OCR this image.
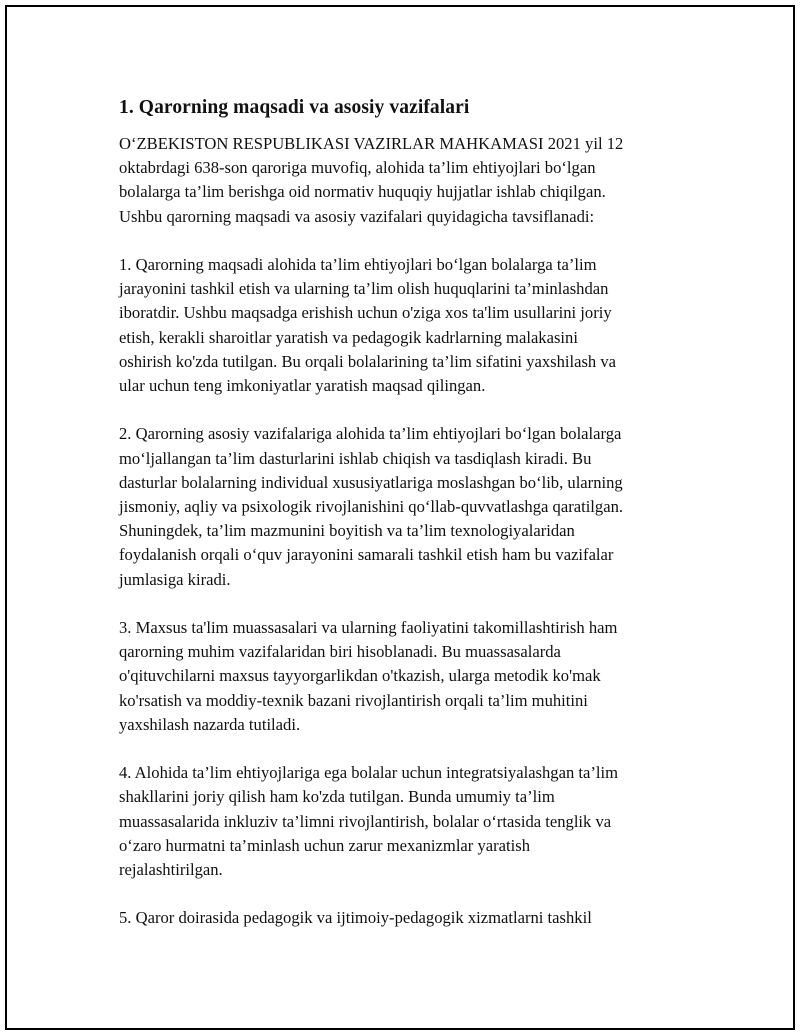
1. Qarorning maqsadi va asosiy vazifalari

O‘ZBEKISTON RESPUBLIKASI VAZIRLAR MAHKAMASI 2021 yil 12
oktabrdagi 638-son qaroriga muvofiq, alohida ta’lim ehtiyojlari bo‘lgan
bolalarga ta’lim berishga oid normativ huquqiy hujjatlar ishlab chiqilgan.
Ushbu qarorning maqsadi va asosiy vazifalari quyidagicha tavsiflanadi:

1. Qarorning maqsadi alohida ta’lim ehtiyojlari bo‘lgan bolalarga ta’lim
jarayonini tashkil etish va ularning ta’lim olish huquqlarini ta’minlashdan
iboratdir. Ushbu maqsadga erishish uchun o'ziga xos ta'lim usullarini joriy
etish, kerakli sharoitlar yaratish va pedagogik kadrlarning malakasini
oshirish ko'zda tutilgan. Bu orqali bolalarining ta’lim sifatini yaxshilash va
ular uchun teng imkoniyatlar yaratish maqsad qilingan.

2. Qarorning asosiy vazifalariga alohida ta’lim ehtiyojlari bo‘lgan bolalarga
mo‘ljallangan ta’lim dasturlarini ishlab chiqish va tasdiqlash kiradi. Bu
dasturlar bolalarning individual xususiyatlariga moslashgan bo‘lib, ularning
jismoniy, aqliy va psixologik rivojlanishini qo‘llab-quvvatlashga qaratilgan.
Shuningdek, ta’lim mazmunini boyitish va ta’lim texnologiyalaridan
foydalanish orqali o‘quv jarayonini samarali tashkil etish ham bu vazifalar
jumlasiga kiradi.

3. Maxsus ta'lim muassasalari va ularning faoliyatini takomillashtirish ham
qarorning muhim vazifalaridan biri hisoblanadi. Bu muassasalarda
o'qituvchilarni maxsus tayyorgarlikdan o'tkazish, ularga metodik ko'mak
ko'rsatish va moddiy-texnik bazani rivojlantirish orqali ta’lim muhitini
yaxshilash nazarda tutiladi.

4. Alohida ta’lim ehtiyojlariga ega bolalar uchun integratsiyalashgan ta’lim
shakllarini joriy qilish ham ko'zda tutilgan. Bunda umumiy ta’lim
muassasalarida inkluziv ta’limni rivojlantirish, bolalar o‘rtasida tenglik va
o‘zaro hurmatni ta’minlash uchun zarur mexanizmlar yaratish
rejalashtirilgan.

5. Qaror doirasida pedagogik va ijtimoiy-pedagogik xizmatlarni tashkil
